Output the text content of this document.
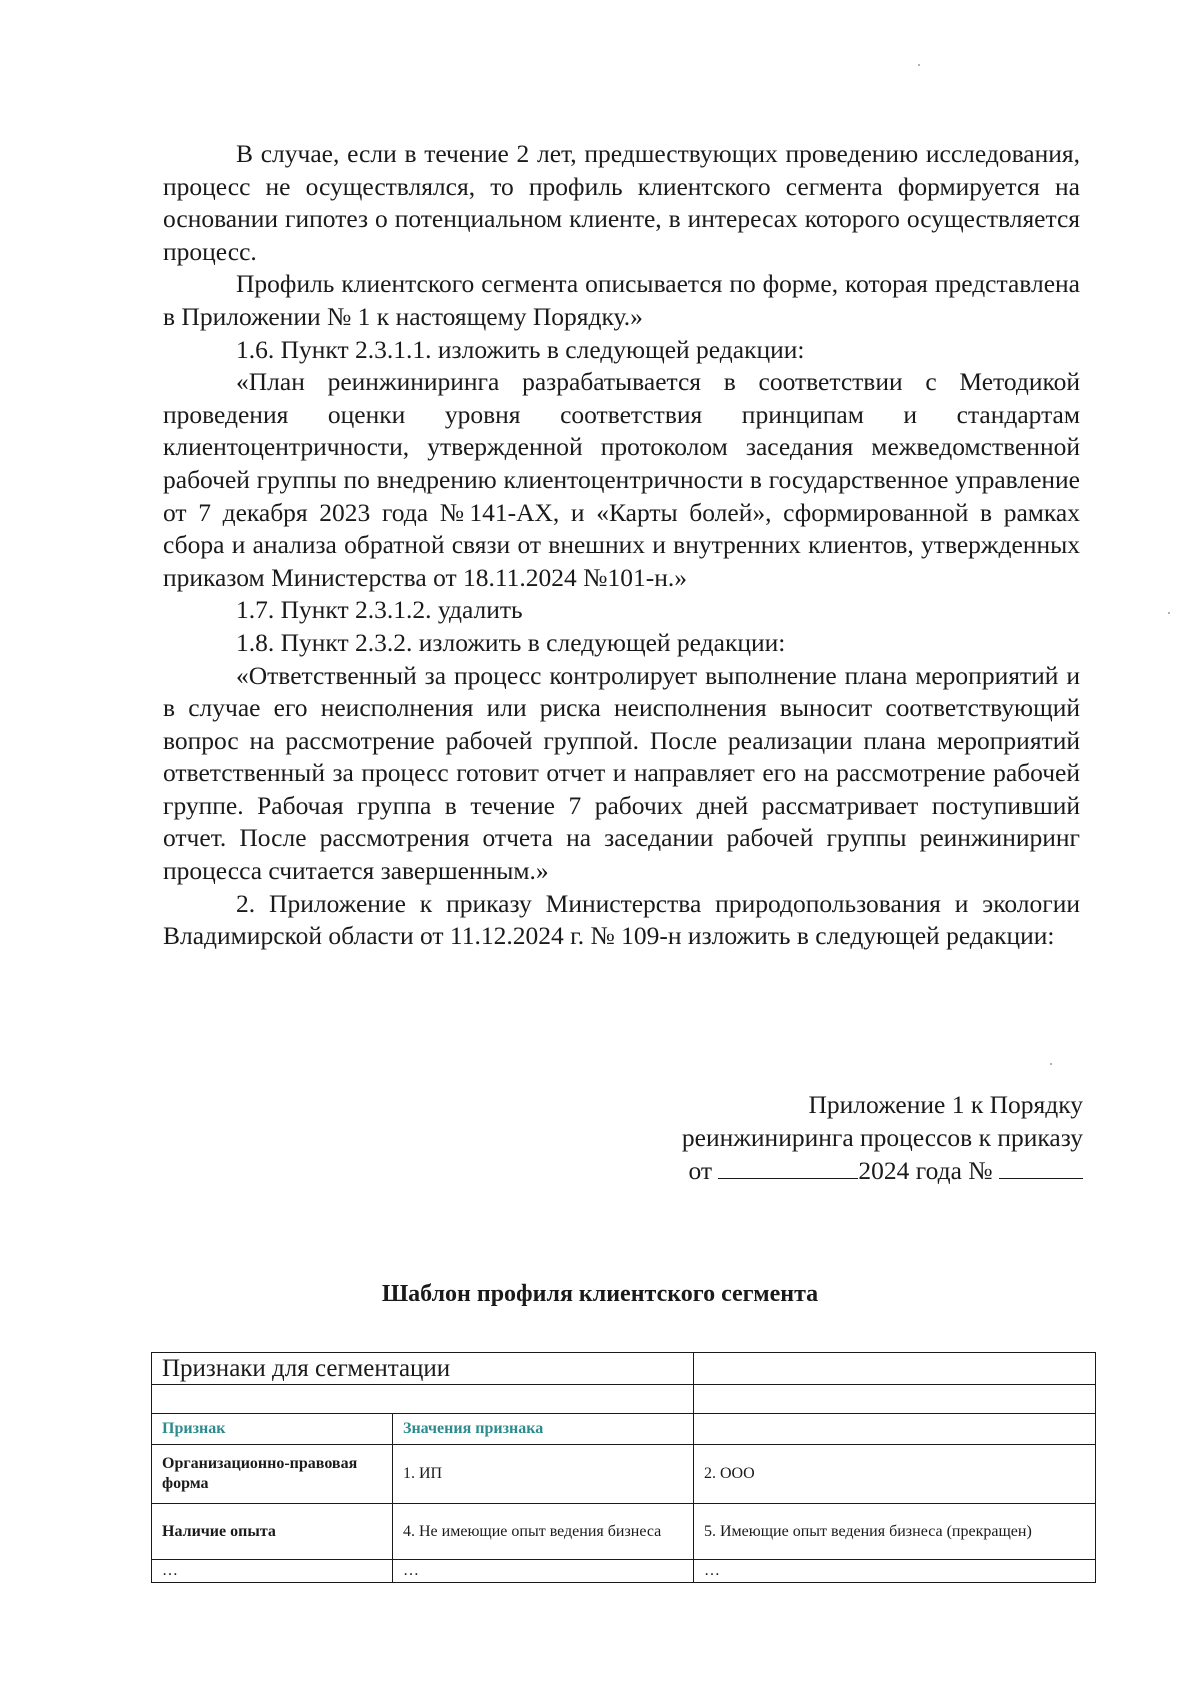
В случае, если в течение 2 лет, предшествующих проведению исследования, процесс не осуществлялся, то профиль клиентского сегмента формируется на основании гипотез о потенциальном клиенте, в интересах которого осуществляется процесс.

Профиль клиентского сегмента описывается по форме, которая представлена в Приложении № 1 к настоящему Порядку.»

1.6. Пункт 2.3.1.1. изложить в следующей редакции:

«План реинжиниринга разрабатывается в соответствии с Методикой проведения оценки уровня соответствия принципам и стандартам клиентоцентричности, утвержденной протоколом заседания межведомственной рабочей группы по внедрению клиентоцентричности в государственное управление от 7 декабря 2023 года №141-АХ, и «Карты болей», сформированной в рамках сбора и анализа обратной связи от внешних и внутренних клиентов, утвержденных приказом Министерства от 18.11.2024 №101-н.»

1.7. Пункт 2.3.1.2. удалить

1.8. Пункт 2.3.2. изложить в следующей редакции:

«Ответственный за процесс контролирует выполнение плана мероприятий и в случае его неисполнения или риска неисполнения выносит соответствующий вопрос на рассмотрение рабочей группой. После реализации плана мероприятий ответственный за процесс готовит отчет и направляет его на рассмотрение рабочей группе. Рабочая группа в течение 7 рабочих дней рассматривает поступивший отчет. После рассмотрения отчета на заседании рабочей группы реинжиниринг процесса считается завершенным.»

2. Приложение к приказу Министерства природопользования и экологии Владимирской области от 11.12.2024 г. № 109-н изложить в следующей редакции:

Приложение 1 к Порядку
реинжиниринга процессов к приказу
от	2024 года №
Шаблон профиля клиентского сегмента
Признаки для сегментации		

Признак	Значения признака	
Организационно-правовая форма	1. ИП	2. ООО
Наличие опыта	4. Не имеющие опыт ведения бизнеса	5. Имеющие опыт ведения бизнеса (прекращен)
…	…	…
